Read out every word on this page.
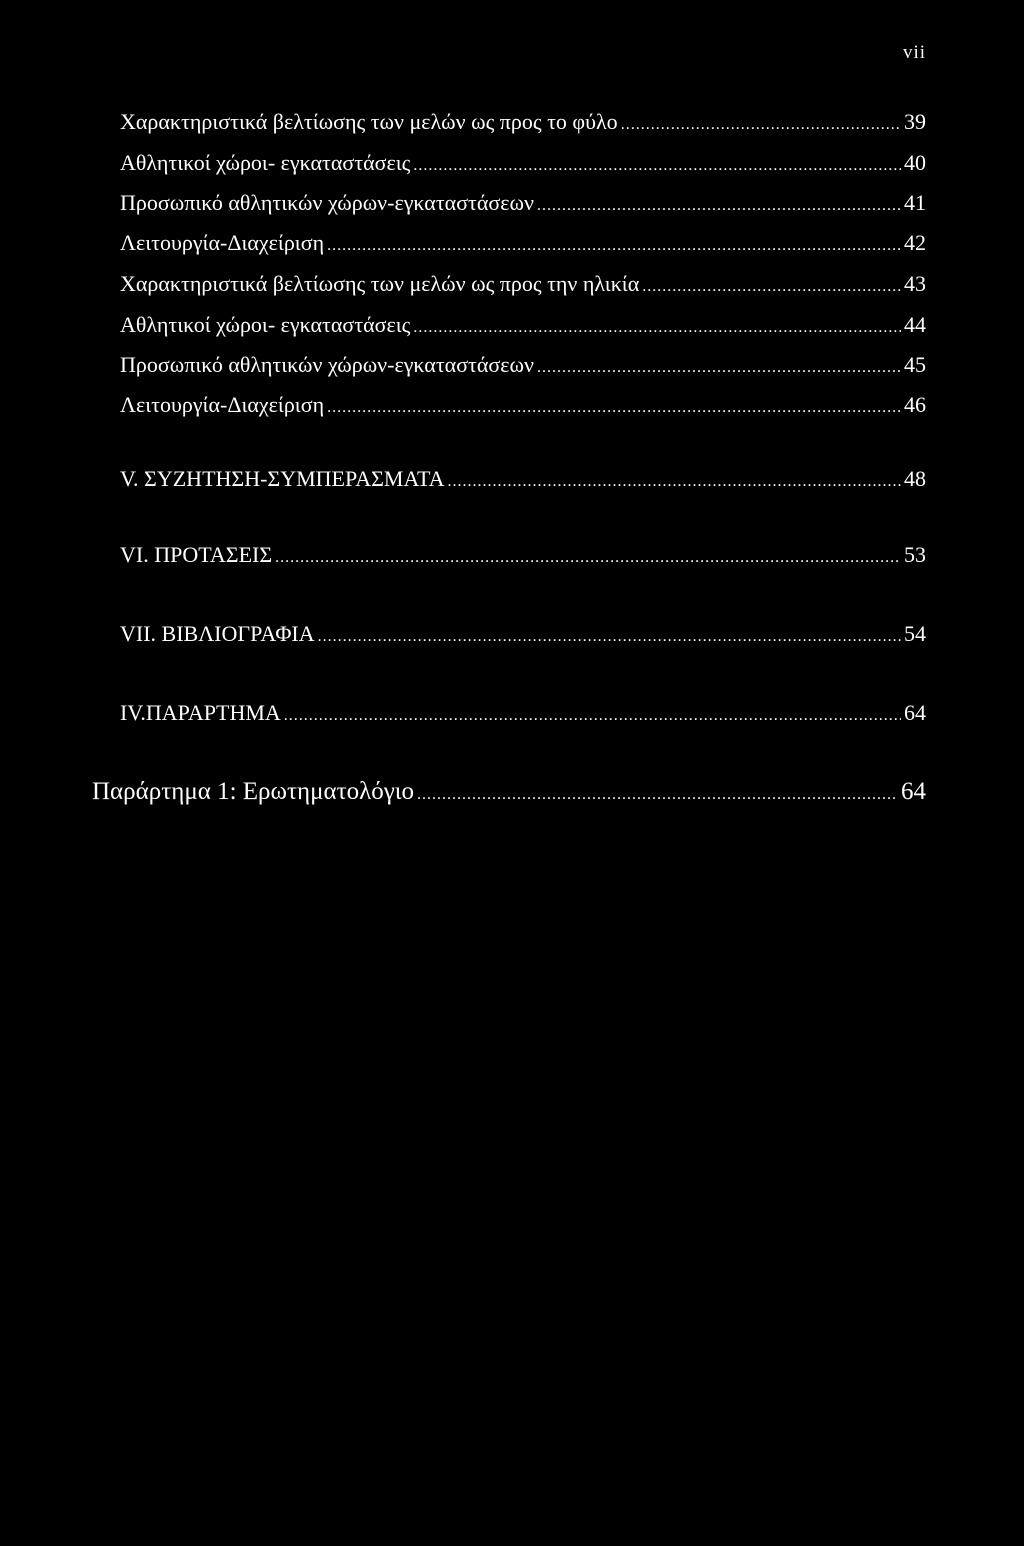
vii
Χαρακτηριστικά βελτίωσης των μελών ως προς το φύλο .....	39
Αθλητικοί χώροι- εγκαταστάσεις .....	40
Προσωπικό αθλητικών χώρων-εγκαταστάσεων .....	41
Λειτουργία-Διαχείριση .....	42
Χαρακτηριστικά βελτίωσης των μελών ως προς την ηλικία .....	43
Αθλητικοί χώροι- εγκαταστάσεις .....	44
Προσωπικό αθλητικών χώρων-εγκαταστάσεων .....	45
Λειτουργία-Διαχείριση .....	46
V. ΣΥΖΗΤΗΣΗ-ΣΥΜΠΕΡΑΣΜΑΤΑ .....	48
VI. ΠΡΟΤΑΣΕΙΣ .....	53
VII. ΒΙΒΛΙΟΓΡΑΦΙΑ .....	54
IV.ΠΑΡΑΡΤΗΜΑ .....	64
Παράρτημα 1: Ερωτηματολόγιο .....	64
